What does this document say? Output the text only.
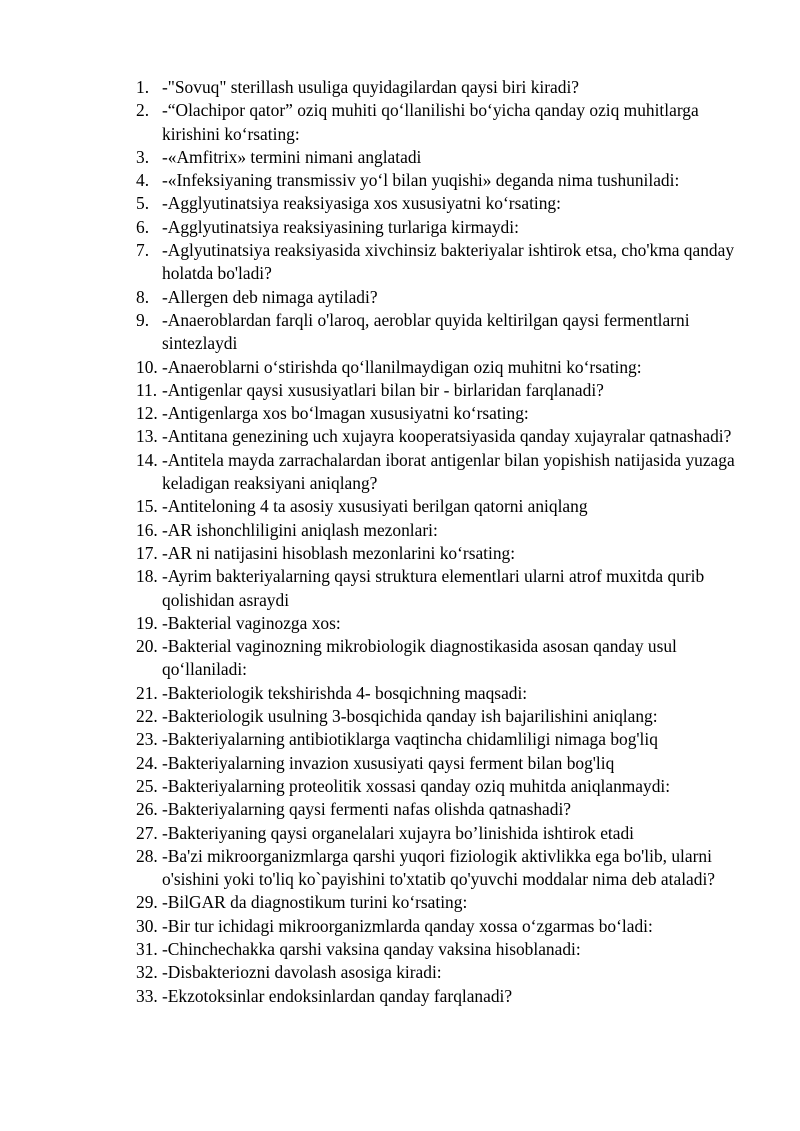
1. -"Sovuq" sterillash usuliga quyidagilardan qaysi biri kiradi?
2. -“Olachipor qator” oziq muhiti qo‘llanilishi bo‘yicha qanday oziq muhitlarga kirishini ko‘rsating:
3. -«Amfitrix» termini nimani anglatadi
4. -«Infeksiyaning transmissiv yo‘l bilan yuqishi» deganda nima tushuniladi:
5. -Agglyutinatsiya reaksiyasiga xos xususiyatni ko‘rsating:
6. -Agglyutinatsiya reaksiyasining turlariga kirmaydi:
7. -Aglyutinatsiya reaksiyasida xivchinsiz bakteriyalar ishtirok etsa, cho'kma qanday holatda bo'ladi?
8. -Allergen deb nimaga aytiladi?
9. -Anaeroblardan farqli o'laroq, aeroblar quyida keltirilgan qaysi fermentlarni sintezlaydi
10. -Anaeroblarni o‘stirishda qo‘llanilmaydigan oziq muhitni ko‘rsating:
11. -Antigenlar qaysi xususiyatlari bilan bir - birlaridan farqlanadi?
12. -Antigenlarga xos bo‘lmagan xususiyatni ko‘rsating:
13. -Antitana genezining uch xujayra kooperatsiyasida qanday xujayralar qatnashadi?
14. -Antitela mayda zarrachalardan iborat antigenlar bilan yopishish natijasida yuzaga keladigan reaksiyani aniqlang?
15. -Antiteloning 4 ta asosiy xususiyati berilgan qatorni aniqlang
16. -AR ishonchliligini aniqlash mezonlari:
17. -AR ni natijasini hisoblash mezonlarini ko‘rsating:
18. -Ayrim bakteriyalarning qaysi struktura elementlari ularni atrof muxitda qurib qolishidan asraydi
19. -Bakterial vaginozga xos:
20. -Bakterial vaginozning mikrobiologik diagnostikasida asosan qanday usul qo‘llaniladi:
21. -Bakteriologik tekshirishda 4- bosqichning maqsadi:
22. -Bakteriologik usulning 3-bosqichida qanday ish bajarilishini aniqlang:
23. -Bakteriyalarning antibiotiklarga vaqtincha chidamliligi nimaga bog'liq
24. -Bakteriyalarning invazion xususiyati qaysi ferment bilan bog'liq
25. -Bakteriyalarning proteolitik xossasi qanday oziq muhitda aniqlanmaydi:
26. -Bakteriyalarning qaysi fermenti nafas olishda qatnashadi?
27. -Bakteriyaning qaysi organelalari xujayra bo’linishida ishtirok etadi
28. -Ba'zi mikroorganizmlarga qarshi yuqori fiziologik aktivlikka ega bo'lib, ularni o'sishini yoki to'liq ko`payishini to'xtatib qo'yuvchi moddalar nima deb ataladi?
29. -BilGAR da diagnostikum turini ko‘rsating:
30. -Bir tur ichidagi mikroorganizmlarda qanday xossa o‘zgarmas bo‘ladi:
31. -Chinchechakka qarshi vaksina qanday vaksina hisoblanadi:
32. -Disbakteriozni davolash asosiga kiradi:
33. -Ekzotoksinlar endoksinlardan qanday farqlanadi?
